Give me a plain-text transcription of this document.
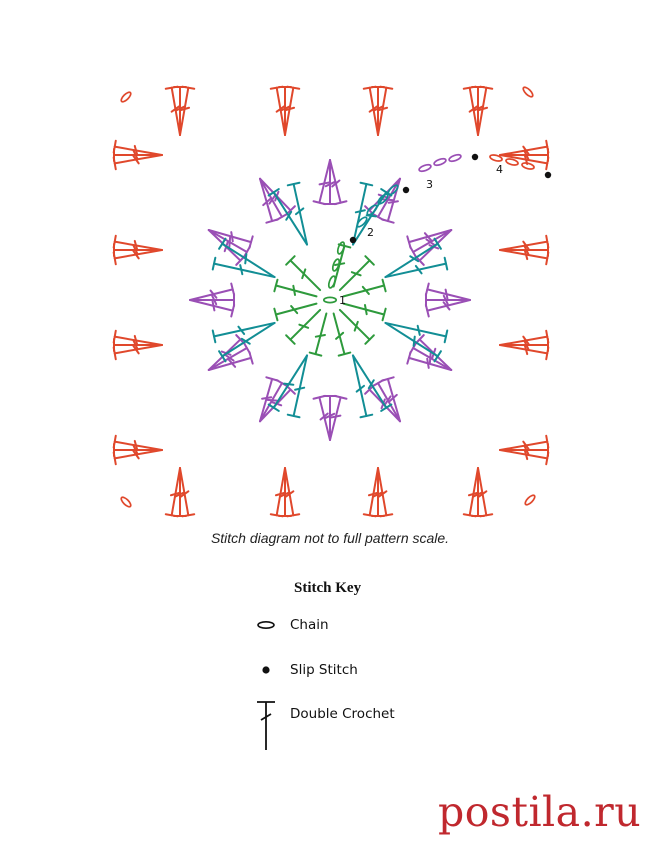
1
2
3
4
Stitch diagram not to full pattern scale.
Stitch Key
Chain
Slip Stitch
Double Crochet
postila.ru
